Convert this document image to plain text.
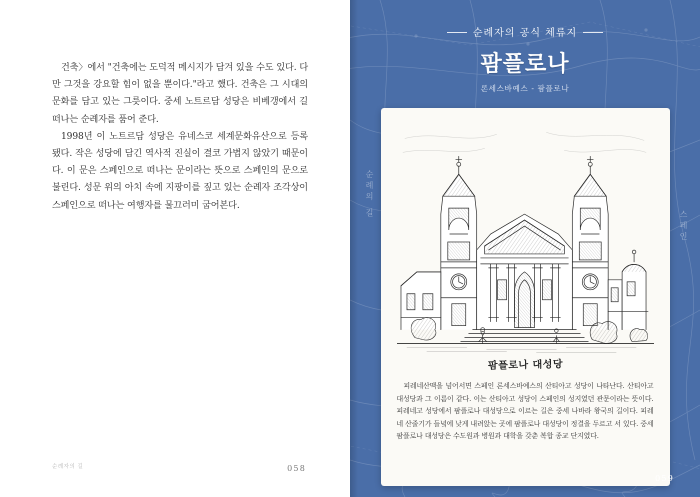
건축〉에서 "건축에는 도덕적 메시지가 담겨 있을 수도 있다. 다만 그것을 강요할 힘이 없을 뿐이다."라고 했다. 건축은 그 시대의 문화를 담고 있는 그릇이다. 중세 노트르담 성당은 비베갱에서 길 떠나는 순례자를 품어 준다.

1998년 이 노트르담 성당은 유네스코 세계문화유산으로 등록됐다. 작은 성당에 담긴 역사적 진실이 결코 가볍지 않았기 때문이다. 이 문은 스페인으로 떠나는 문이라는 뜻으로 스페인의 문으로 불린다. 성문 위의 아치 속에 지팡이를 짚고 있는 순례자 조각상이 스페인으로 떠나는 여행자를 물끄러미 굽어본다.

순례자의 길	058
순례의 길
스페인
순례자의 공식 체류지
팜플로나
론세스바예스 - 팜플로나
팜플로나 대성당

피레네산맥을 넘어서면 스페인 론세스바예스의 산티아고 성당이 나타난다. 산티아고 대성당과 그 이름이 같다. 이는 산티아고 성당이 스페인의 성지였던 관문이라는 뜻이다. 피레네고 성당에서 팜플로나 대성당으로 이르는 길은 중세 나바라 왕국의 길이다. 피레네 산줄기가 들녘에 낮게 내려앉는 곳에 팜플로나 대성당이 정결을 두르고 서 있다. 중세 팜플로나 대성당은 수도원과 병원과 대학을 갖춘 복합 종교 단지였다.

059
